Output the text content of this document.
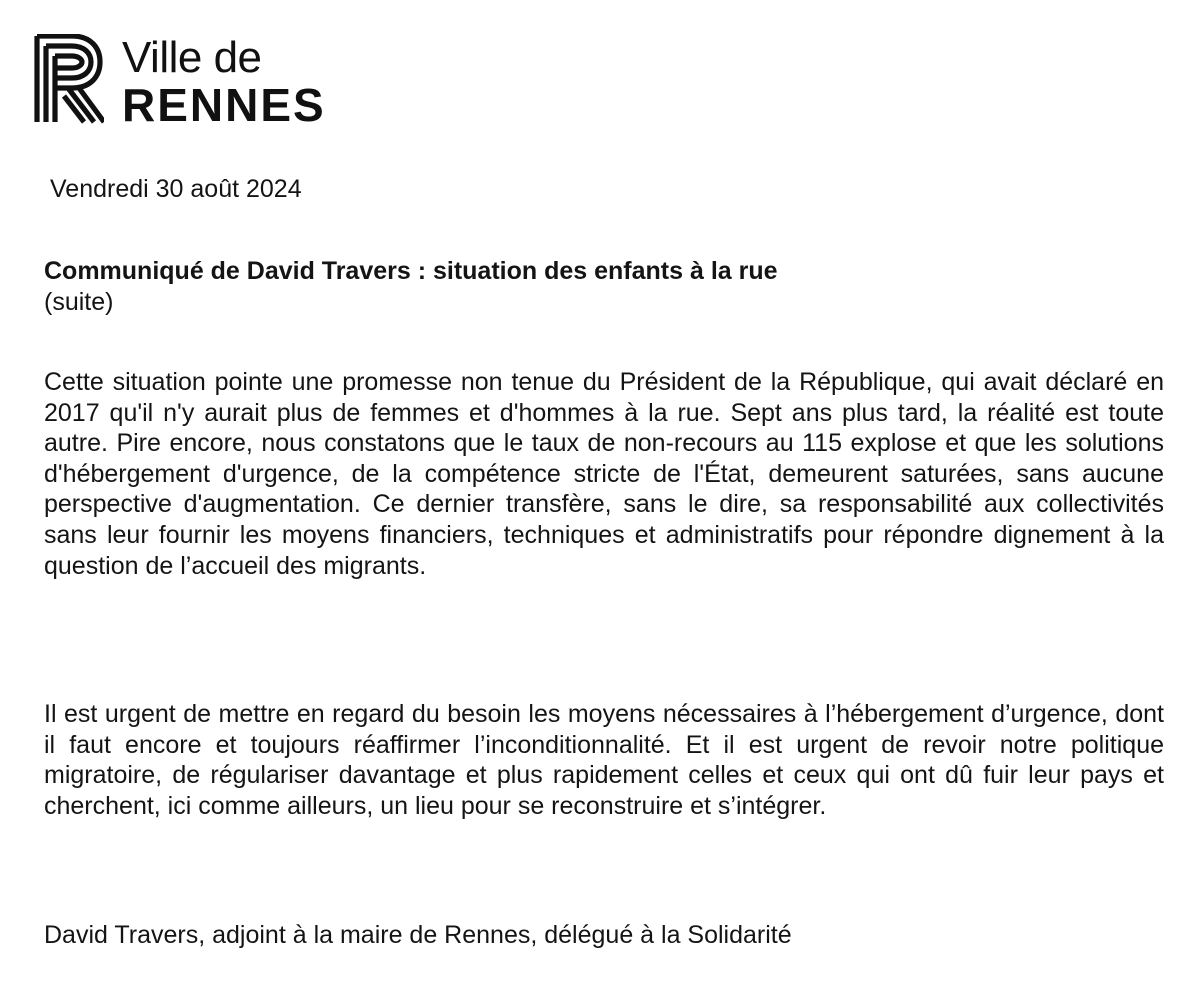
Ville de
RENNES
Vendredi 30 août 2024
Communiqué de David Travers : situation des enfants à la rue
(suite)

Cette situation pointe une promesse non tenue du Président de la République, qui avait déclaré en 2017 qu'il n'y aurait plus de femmes et d'hommes à la rue. Sept ans plus tard, la réalité est toute autre. Pire encore, nous constatons que le taux de non-recours au 115 explose et que les solutions d'hébergement d'urgence, de la compétence stricte de l'État, demeurent saturées, sans aucune perspective d'augmentation. Ce dernier transfère, sans le dire, sa responsabilité aux collectivités sans leur fournir les moyens financiers, techniques et administratifs pour répondre dignement à la question de l’accueil des migrants.

Il est urgent de mettre en regard du besoin les moyens nécessaires à l’hébergement d’urgence, dont il faut encore et toujours réaffirmer l’inconditionnalité. Et il est urgent de revoir notre politique migratoire, de régulariser davantage et plus rapidement celles et ceux qui ont dû fuir leur pays et cherchent, ici comme ailleurs, un lieu pour se reconstruire et s’intégrer.

David Travers, adjoint à la maire de Rennes, délégué à la Solidarité
